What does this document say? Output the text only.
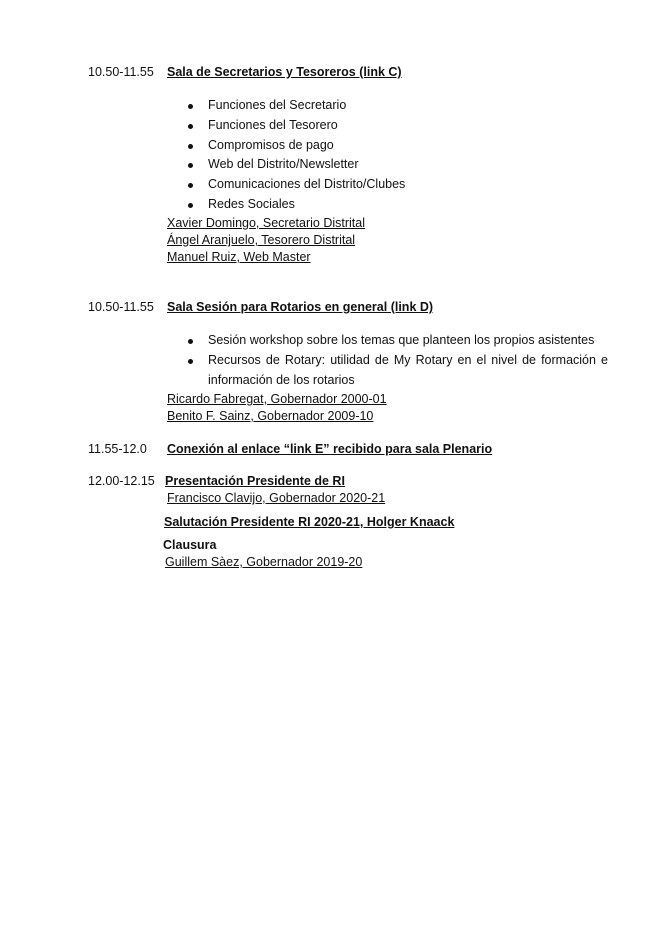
10.50-11.55 Sala de Secretarios y Tesoreros (link C)
Funciones del Secretario
Funciones del Tesorero
Compromisos de pago
Web del Distrito/Newsletter
Comunicaciones del Distrito/Clubes
Redes Sociales
Xavier Domingo, Secretario Distrital
Ángel Aranjuelo, Tesorero Distrital
Manuel Ruiz, Web Master
10.50-11.55 Sala Sesión para Rotarios en general (link D)
Sesión workshop sobre los temas que planteen los propios asistentes
Recursos de Rotary: utilidad de My Rotary en el nivel de formación e
información de los rotarios
Ricardo Fabregat, Gobernador 2000-01
Benito F. Sainz, Gobernador 2009-10
11.55-12.0 Conexión al enlace “link E” recibido para sala Plenario
12.00-12.15 Presentación Presidente de RI
Francisco Clavijo, Gobernador 2020-21
Salutación Presidente RI 2020-21, Holger Knaack
Clausura
Guillem Sàez, Gobernador 2019-20
